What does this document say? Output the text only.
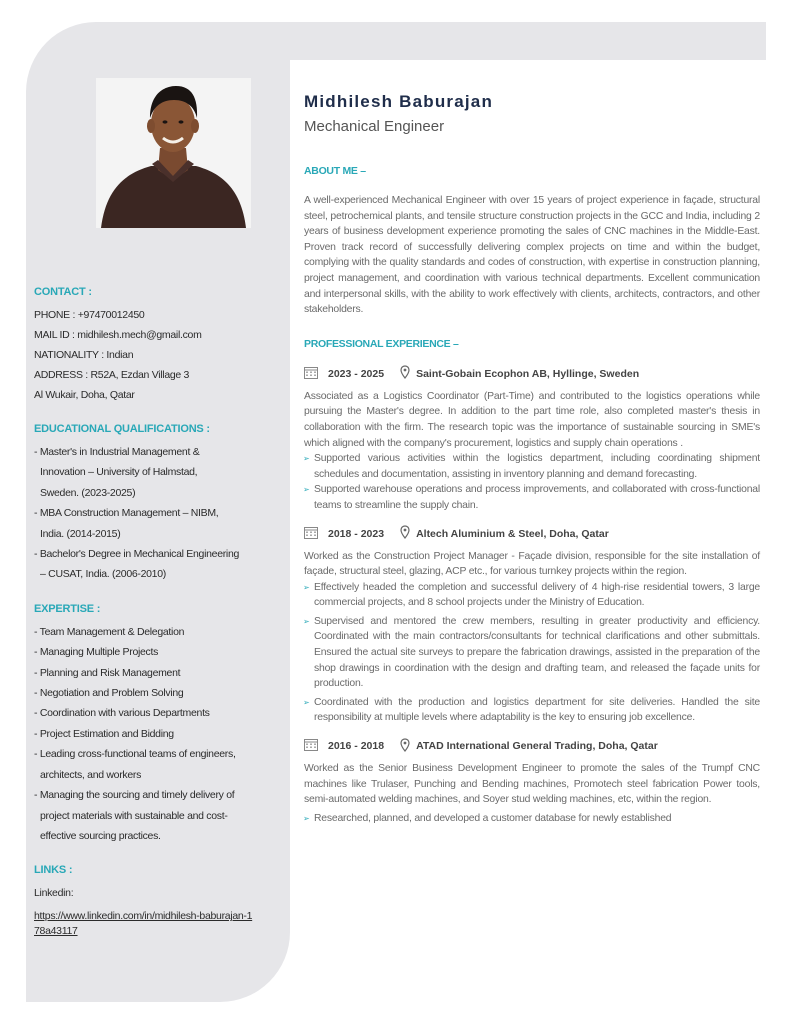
CONTACT :
PHONE : +97470012450
MAIL ID : midhilesh.mech@gmail.com
NATIONALITY : Indian
ADDRESS : R52A, Ezdan Village 3
Al Wukair, Doha, Qatar
EDUCATIONAL QUALIFICATIONS :
- Master's in Industrial Management &
Innovation – University of Halmstad,
Sweden. (2023-2025)
- MBA Construction Management – NIBM,
India. (2014-2015)
- Bachelor's Degree in Mechanical Engineering
– CUSAT, India. (2006-2010)
EXPERTISE :
- Team Management & Delegation
- Managing Multiple Projects
- Planning and Risk Management
- Negotiation and Problem Solving
- Coordination with various Departments
- Project Estimation and Bidding
- Leading cross-functional teams of engineers,
architects, and workers
- Managing the sourcing and timely delivery of
project materials with sustainable and cost-
effective sourcing practices.
LINKS :
Linkedin:
https://www.linkedin.com/in/midhilesh-baburajan-178a43117
Midhilesh Baburajan
Mechanical Engineer
ABOUT ME –

A well-experienced Mechanical Engineer with over 15 years of project experience in façade, structural steel, petrochemical plants, and tensile structure construction projects in the GCC and India, including 2 years of business development experience promoting the sales of CNC machines in the Middle-East. Proven track record of successfully delivering complex projects on time and within the budget, complying with the quality standards and codes of construction, with expertise in construction planning, project management, and coordination with various technical departments. Excellent communication and interpersonal skills, with the ability to work effectively with clients, architects, contractors, and other stakeholders.

PROFESSIONAL EXPERIENCE –
2023 - 2025	Saint-Gobain Ecophon AB, Hyllinge, Sweden

Associated as a Logistics Coordinator (Part-Time) and contributed to the logistics operations while pursuing the Master's degree. In addition to the part time role, also completed master's thesis in collaboration with the firm. The research topic was the importance of sustainable sourcing in SME's which aligned with the company's procurement, logistics and supply chain operations .

➢ Supported various activities within the logistics department, including coordinating shipment schedules and documentation, assisting in inventory planning and demand forecasting.
➢ Supported warehouse operations and process improvements, and collaborated with cross-functional teams to streamline the supply chain.
2018 - 2023	Altech Aluminium & Steel, Doha, Qatar

Worked as the Construction Project Manager - Façade division, responsible for the site installation of façade, structural steel, glazing, ACP etc., for various turnkey projects within the region.

➢ Effectively headed the completion and successful delivery of 4 high-rise residential towers, 3 large commercial projects, and 8 school projects under the Ministry of Education.
➢ Supervised and mentored the crew members, resulting in greater productivity and efficiency. Coordinated with the main contractors/consultants for technical clarifications and other submittals. Ensured the actual site surveys to prepare the fabrication drawings, assisted in the preparation of the shop drawings in coordination with the design and drafting team, and released the façade units for production.
➢ Coordinated with the production and logistics department for site deliveries. Handled the site responsibility at multiple levels where adaptability is the key to ensuring job excellence.
2016 - 2018	ATAD International General Trading, Doha, Qatar

Worked as the Senior Business Development Engineer to promote the sales of the Trumpf CNC machines like Trulaser, Punching and Bending machines, Promotech steel fabrication Power tools, semi-automated welding machines, and Soyer stud welding machines, etc, within the region.

➢ Researched, planned, and developed a customer database for newly established
